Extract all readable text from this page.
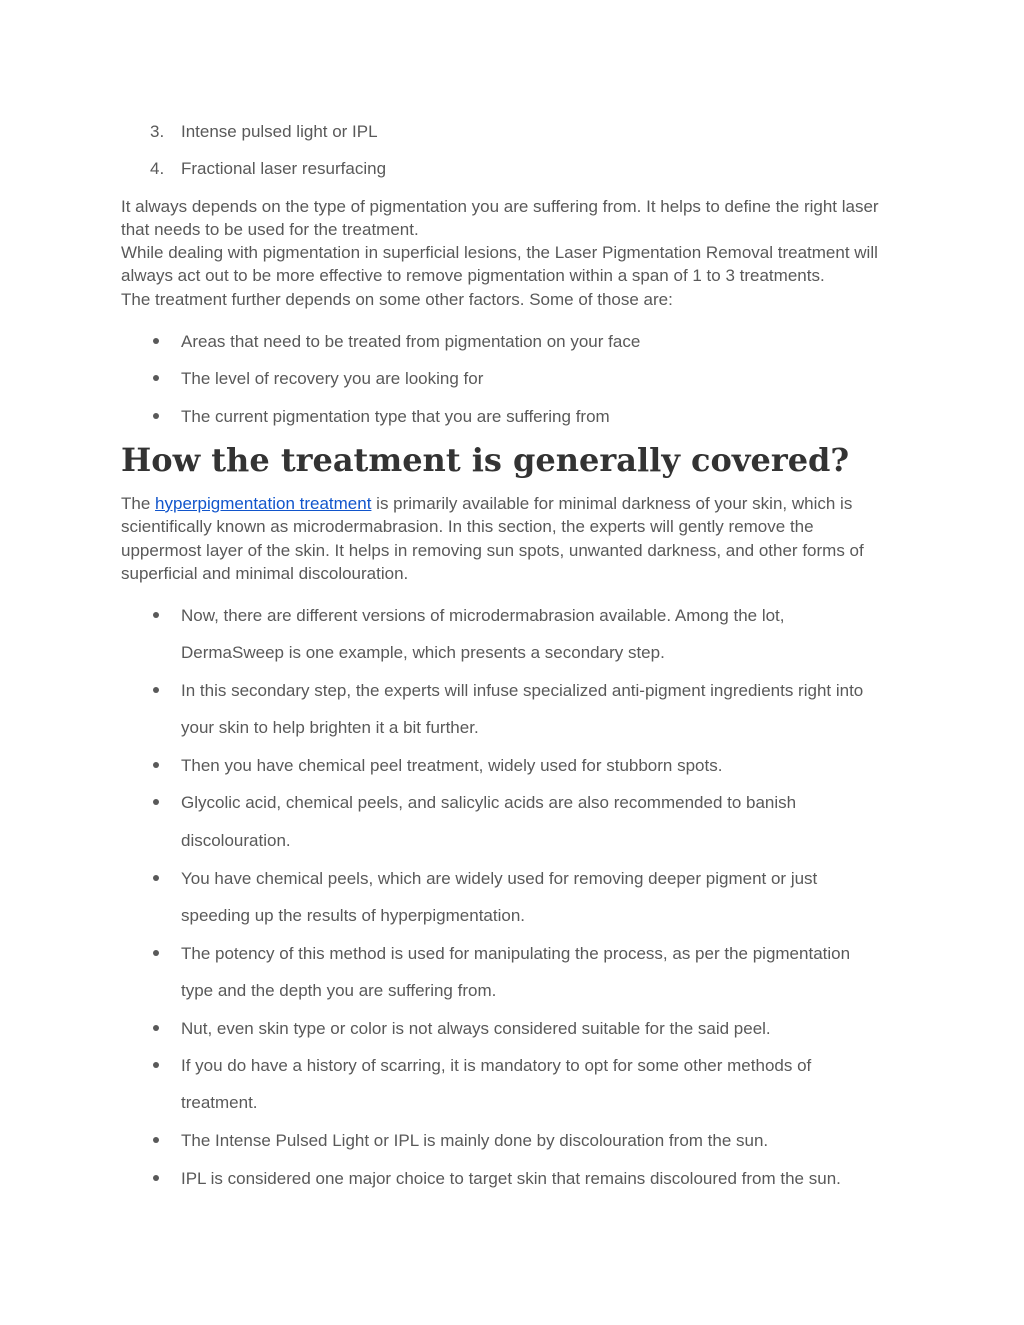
3. Intense pulsed light or IPL
4. Fractional laser resurfacing
It always depends on the type of pigmentation you are suffering from. It helps to define the right laser
that needs to be used for the treatment.
While dealing with pigmentation in superficial lesions, the Laser Pigmentation Removal treatment will
always act out to be more effective to remove pigmentation within a span of 1 to 3 treatments.
The treatment further depends on some other factors. Some of those are:
Areas that need to be treated from pigmentation on your face
The level of recovery you are looking for
The current pigmentation type that you are suffering from
How the treatment is generally covered?
The hyperpigmentation treatment is primarily available for minimal darkness of your skin, which is
scientifically known as microdermabrasion. In this section, the experts will gently remove the
uppermost layer of the skin. It helps in removing sun spots, unwanted darkness, and other forms of
superficial and minimal discolouration.
Now, there are different versions of microdermabrasion available. Among the lot,
DermaSweep is one example, which presents a secondary step.
In this secondary step, the experts will infuse specialized anti-pigment ingredients right into
your skin to help brighten it a bit further.
Then you have chemical peel treatment, widely used for stubborn spots.
Glycolic acid, chemical peels, and salicylic acids are also recommended to banish
discolouration.
You have chemical peels, which are widely used for removing deeper pigment or just
speeding up the results of hyperpigmentation.
The potency of this method is used for manipulating the process, as per the pigmentation
type and the depth you are suffering from.
Nut, even skin type or color is not always considered suitable for the said peel.
If you do have a history of scarring, it is mandatory to opt for some other methods of
treatment.
The Intense Pulsed Light or IPL is mainly done by discolouration from the sun.
IPL is considered one major choice to target skin that remains discoloured from the sun.
